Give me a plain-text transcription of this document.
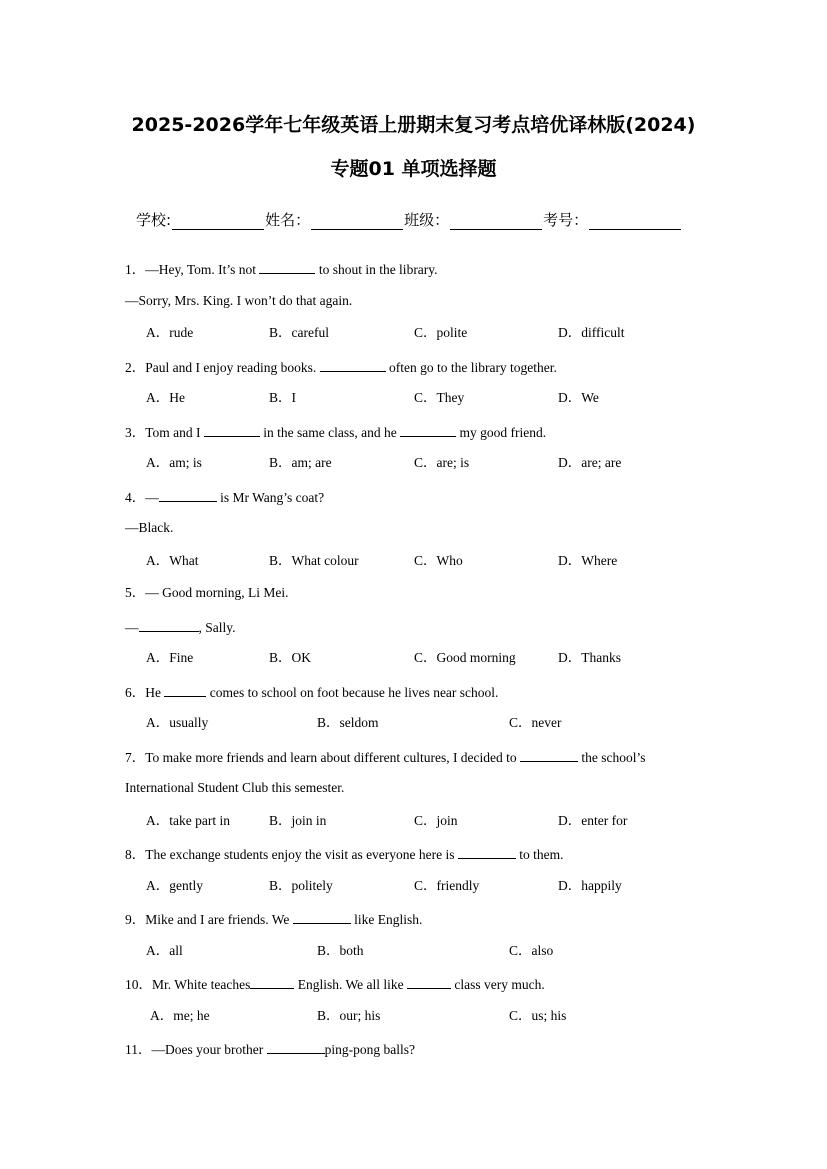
2025-2026学年七年级英语上册期末复习考点培优译林版(2024)
专题01 单项选择题
学校:	姓名：	班级：	考号：
1．—Hey, Tom. It’s not	to shout in the library.
—Sorry, Mrs. King. I won’t do that again.
A．rude	B．careful	C．polite	D．difficult
2．Paul and I enjoy reading books.	often go to the library together.
A．He	B．I	C．They	D．We
3．Tom and I	in the same class, and he	my good friend.
A．am; is	B．am; are	C．are; is	D．are; are
4．—	is Mr Wang’s coat?
—Black.
A．What	B．What colour	C．Who	D．Where
5．— Good morning, Li Mei.
—	, Sally.
A．Fine	B．OK	C．Good morning	D．Thanks
6．He	comes to school on foot because he lives near school.
A．usually	B．seldom	C．never
7．To make more friends and learn about different cultures, I decided to	the school’s
International Student Club this semester.
A．take part in	B．join in	C．join	D．enter for
8．The exchange students enjoy the visit as everyone here is	to them.
A．gently	B．politely	C．friendly	D．happily
9．Mike and I are friends. We	like English.
A．all	B．both	C．also
10．Mr. White teaches	English. We all like	class very much.
A．me; he	B．our; his	C．us; his
11．—Does your brother	ping-pong balls?
